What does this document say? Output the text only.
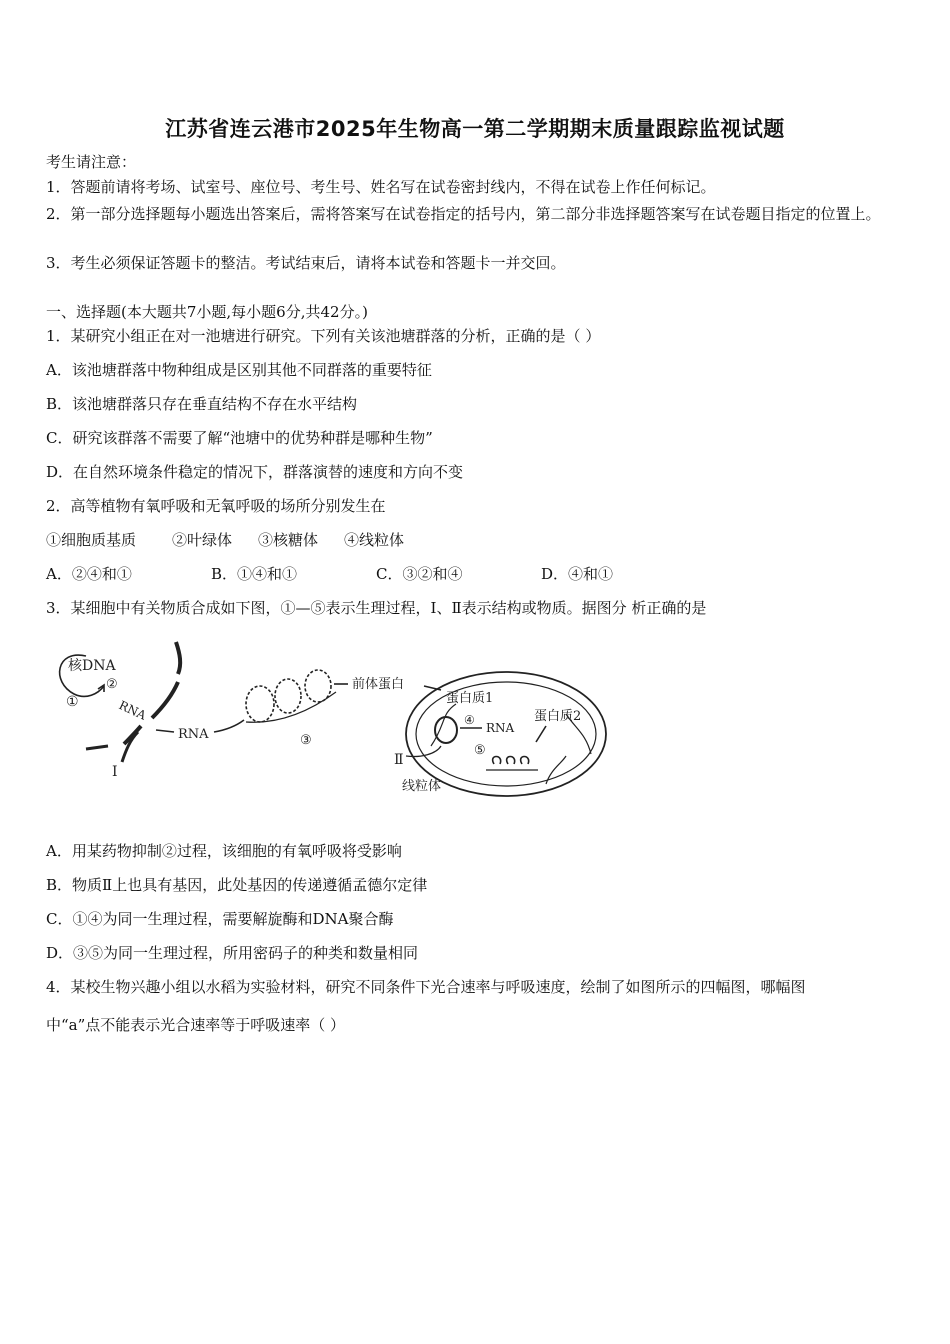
江苏省连云港市2025年生物高一第二学期期末质量跟踪监视试题
考生请注意：
1．答题前请将考场、试室号、座位号、考生号、姓名写在试卷密封线内，不得在试卷上作任何标记。
2．第一部分选择题每小题选出答案后，需将答案写在试卷指定的括号内，第二部分非选择题答案写在试卷题目指定的位置上。
3．考生必须保证答题卡的整洁。考试结束后，请将本试卷和答题卡一并交回。
一、选择题(本大题共7小题,每小题6分,共42分。)
1．某研究小组正在对一池塘进行研究。下列有关该池塘群落的分析，正确的是（ ）
A．该池塘群落中物种组成是区别其他不同群落的重要特征
B．该池塘群落只存在垂直结构不存在水平结构
C．研究该群落不需要了解“池塘中的优势种群是哪种生物”
D．在自然环境条件稳定的情况下，群落演替的速度和方向不变
2．高等植物有氧呼吸和无氧呼吸的场所分别发生在
①细胞质基质 ②叶绿体 ③核糖体 ④线粒体
A．②④和①	B．①④和①	C．③②和④	D．④和①
3．某细胞中有关物质合成如下图，①—⑤表示生理过程，Ⅰ、Ⅱ表示结构或物质。据图分 析正确的是
核DNA
①
②
RNA
RNA
Ⅰ
③
前体蛋白
蛋白质1
蛋白质2
④
RNA
⑤
Ⅱ
线粒体
A．用某药物抑制②过程，该细胞的有氧呼吸将受影响
B．物质Ⅱ上也具有基因，此处基因的传递遵循孟德尔定律
C．①④为同一生理过程，需要解旋酶和DNA聚合酶
D．③⑤为同一生理过程，所用密码子的种类和数量相同
4．某校生物兴趣小组以水稻为实验材料，研究不同条件下光合速率与呼吸速度，绘制了如图所示的四幅图，哪幅图
中“a”点不能表示光合速率等于呼吸速率（ ）
